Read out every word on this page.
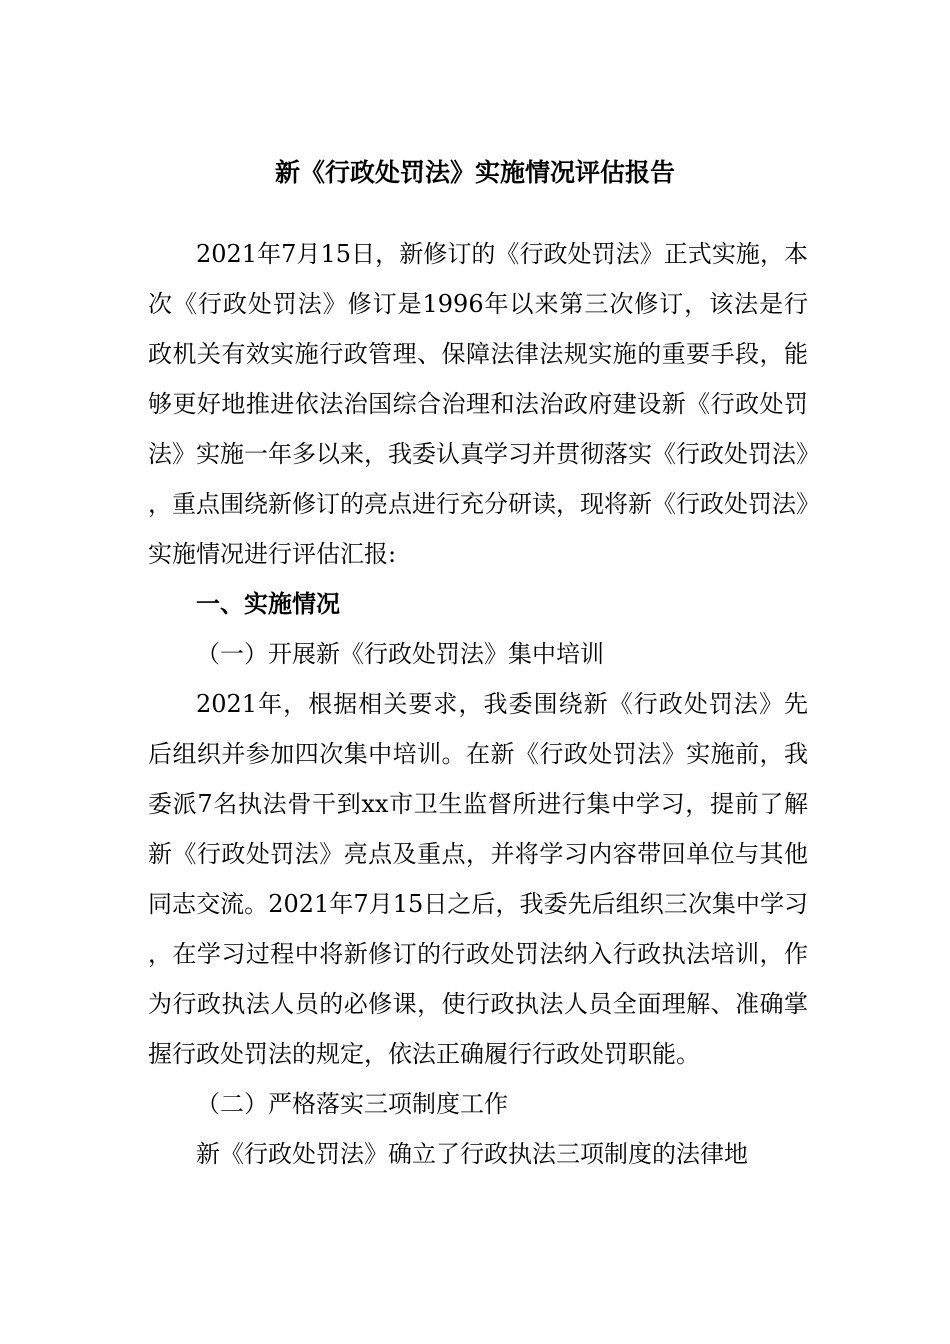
新《行政处罚法》实施情况评估报告

2021年7月15日，新修订的《行政处罚法》正式实施，本次《行政处罚法》修订是1996年以来第三次修订，该法是行政机关有效实施行政管理、保障法律法规实施的重要手段，能够更好地推进依法治国综合治理和法治政府建设新《行政处罚法》实施一年多以来，我委认真学习并贯彻落实《行政处罚法》，重点围绕新修订的亮点进行充分研读，现将新《行政处罚法》实施情况进行评估汇报:

一、实施情况

（一）开展新《行政处罚法》集中培训

2021年，根据相关要求，我委围绕新《行政处罚法》先后组织并参加四次集中培训。在新《行政处罚法》实施前，我委派7名执法骨干到xx市卫生监督所进行集中学习，提前了解新《行政处罚法》亮点及重点，并将学习内容带回单位与其他同志交流。2021年7月15日之后，我委先后组织三次集中学习，在学习过程中将新修订的行政处罚法纳入行政执法培训，作为行政执法人员的必修课，使行政执法人员全面理解、准确掌握行政处罚法的规定，依法正确履行行政处罚职能。

（二）严格落实三项制度工作

新《行政处罚法》确立了行政执法三项制度的法律地
